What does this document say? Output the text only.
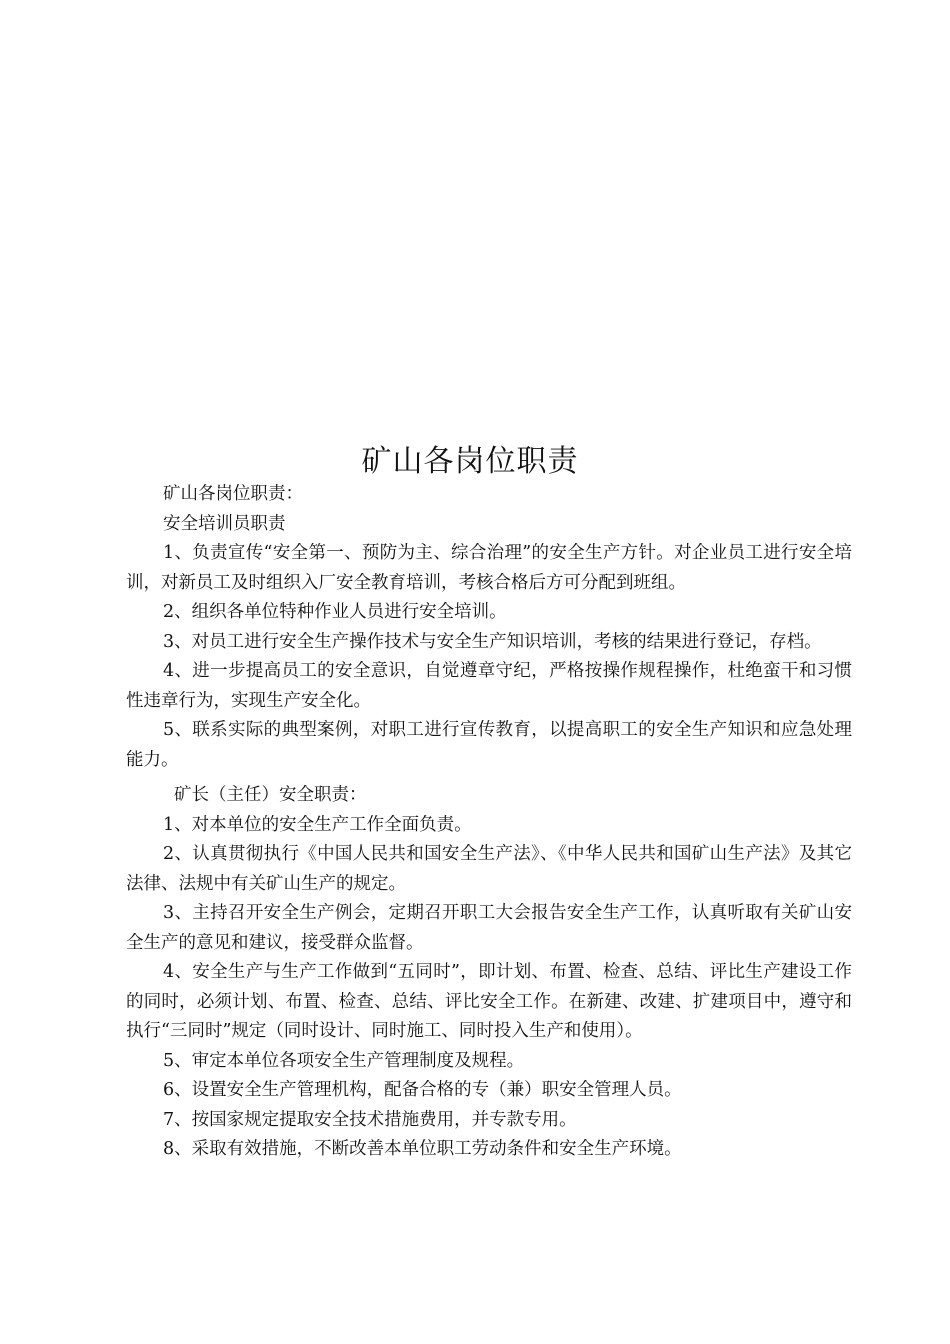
矿山各岗位职责

矿山各岗位职责：

安全培训员职责

1、负责宣传“安全第一、预防为主、综合治理”的安全生产方针。对企业员工进行安全培训，对新员工及时组织入厂安全教育培训，考核合格后方可分配到班组。

2、组织各单位特种作业人员进行安全培训。

3、对员工进行安全生产操作技术与安全生产知识培训，考核的结果进行登记，存档。

4、进一步提高员工的安全意识，自觉遵章守纪，严格按操作规程操作，杜绝蛮干和习惯性违章行为，实现生产安全化。

5、联系实际的典型案例，对职工进行宣传教育，以提高职工的安全生产知识和应急处理能力。

矿长（主任）安全职责：

1、对本单位的安全生产工作全面负责。

2、认真贯彻执行《中国人民共和国安全生产法》、《中华人民共和国矿山生产法》及其它法律、法规中有关矿山生产的规定。

3、主持召开安全生产例会，定期召开职工大会报告安全生产工作，认真听取有关矿山安全生产的意见和建议，接受群众监督。

4、安全生产与生产工作做到“五同时”，即计划、布置、检查、总结、评比生产建设工作的同时，必须计划、布置、检查、总结、评比安全工作。在新建、改建、扩建项目中，遵守和执行“三同时”规定（同时设计、同时施工、同时投入生产和使用）。

5、审定本单位各项安全生产管理制度及规程。

6、设置安全生产管理机构，配备合格的专（兼）职安全管理人员。

7、按国家规定提取安全技术措施费用，并专款专用。

8、采取有效措施，不断改善本单位职工劳动条件和安全生产环境。
